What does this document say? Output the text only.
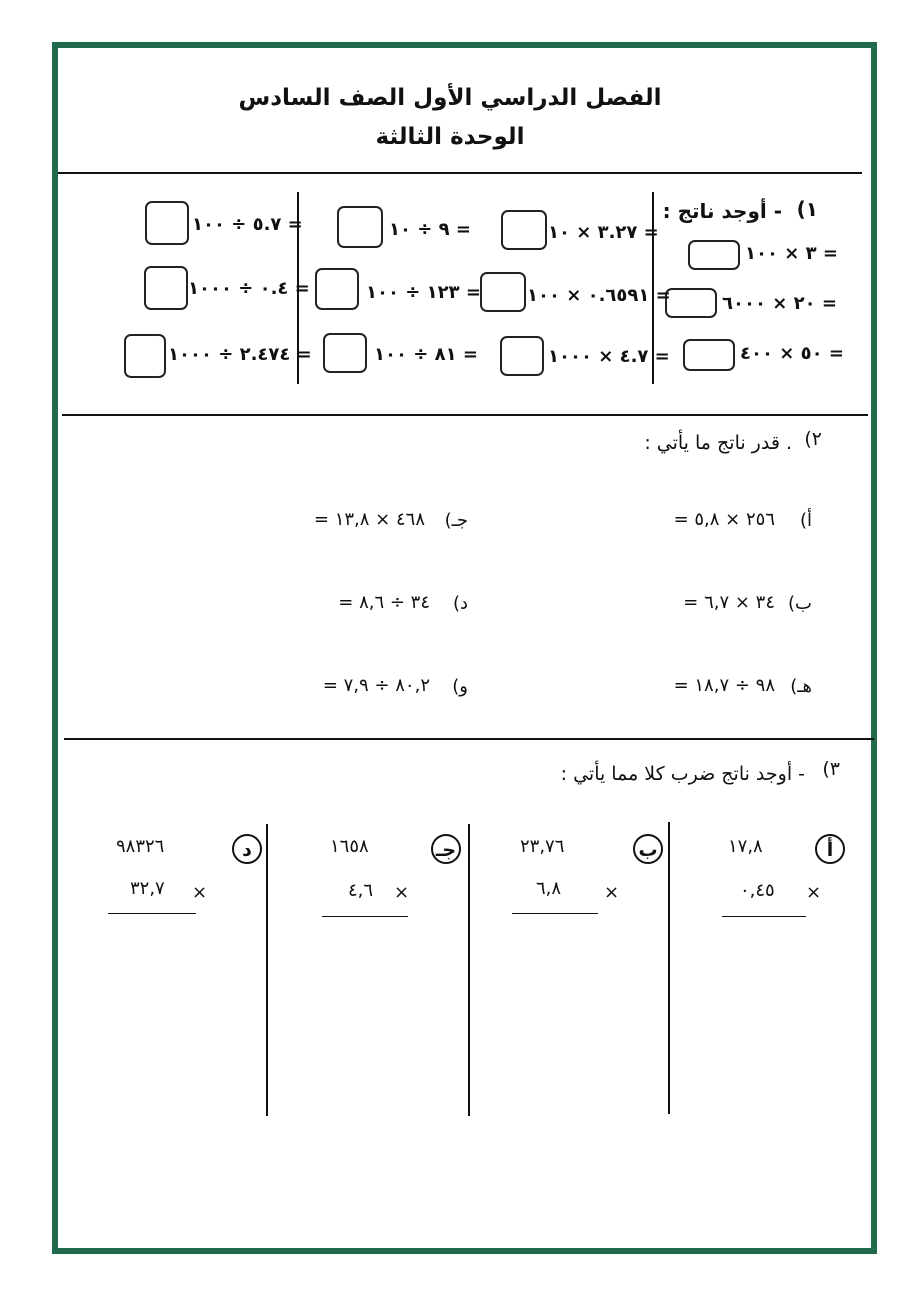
الفصل الدراسي الأول الصف السادس
الوحدة الثالثة
١)
- أوجد ناتج :
٣ × ١٠٠ =
٢٠ × ٦٠٠٠ =
٥٠ × ٤٠٠ =
٣.٢٧ × ١٠ =
٠.٦٥٩١ × ١٠٠ =
٤.٧ × ١٠٠٠ =
٩ ÷ ١٠ =
١٢٣ ÷ ١٠٠ =
٨١ ÷ ١٠٠ =
٥.٧ ÷ ١٠٠ =
٠.٤ ÷ ١٠٠٠ =
٢.٤٧٤ ÷ ١٠٠٠ =
٢)
. قدر ناتج ما يأتي :
أ)
٢٥٦ × ٥,٨ =
ب)
٣٤ × ٦,٧ =
هـ)
٩٨ ÷ ١٨,٧ =
جـ)
٤٦٨ × ١٣,٨ =
د)
٣٤ ÷ ٨,٦ =
و)
٨٠,٢ ÷ ٧,٩ =
٣)
- أوجد ناتج ضرب كلا مما يأتي :
أ
١٧,٨
×
٠,٤٥
ب
٢٣,٧٦
×
٦,٨
جـ
١٦٥٨
×
٤,٦
د
٩٨٣٢٦
×
٣٢,٧
